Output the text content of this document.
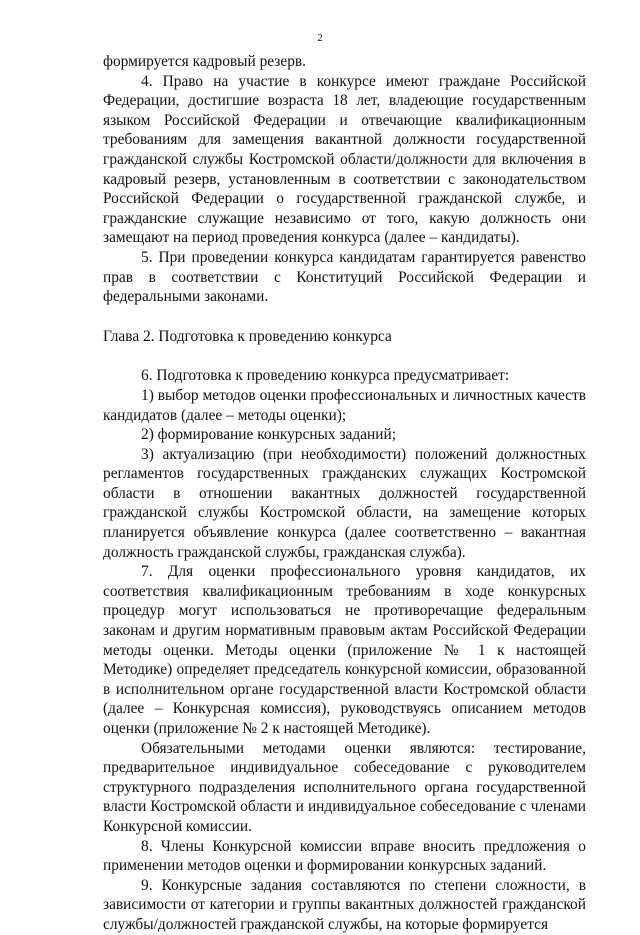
2

формируется кадровый резерв.

4. Право на участие в конкурсе имеют граждане Российской Федерации, достигшие возраста 18 лет, владеющие государственным языком Российской Федерации и отвечающие квалификационным требованиям для замещения вакантной должности государственной гражданской службы Костромской области/должности для включения в кадровый резерв, установленным в соответствии с законодательством Российской Федерации о государственной гражданской службе, и гражданские служащие независимо от того, какую должность они замещают на период проведения конкурса (далее – кандидаты).

5. При проведении конкурса кандидатам гарантируется равенство прав в соответствии с Конституций Российской Федерации и федеральными законами.

Глава 2. Подготовка к проведению конкурса

6. Подготовка к проведению конкурса предусматривает:

1) выбор методов оценки профессиональных и личностных качеств кандидатов (далее – методы оценки);

2) формирование конкурсных заданий;

3) актуализацию (при необходимости) положений должностных регламентов государственных гражданских служащих Костромской области в отношении вакантных должностей государственной гражданской службы Костромской области, на замещение которых планируется объявление конкурса (далее соответственно – вакантная должность гражданской службы, гражданская служба).

7. Для оценки профессионального уровня кандидатов, их соответствия квалификационным требованиям в ходе конкурсных процедур могут использоваться не противоречащие федеральным законам и другим нормативным правовым актам Российской Федерации методы оценки. Методы оценки (приложение № 1 к настоящей Методике) определяет председатель конкурсной комиссии, образованной в исполнительном органе государственной власти Костромской области (далее – Конкурсная комиссия), руководствуясь описанием методов оценки (приложение № 2 к настоящей Методике).

Обязательными методами оценки являются: тестирование, предварительное индивидуальное собеседование с руководителем структурного подразделения исполнительного органа государственной власти Костромской области и индивидуальное собеседование с членами Конкурсной комиссии.

8. Члены Конкурсной комиссии вправе вносить предложения о применении методов оценки и формировании конкурсных заданий.

9. Конкурсные задания составляются по степени сложности, в зависимости от категории и группы вакантных должностей гражданской службы/должностей гражданской службы, на которые формируется
